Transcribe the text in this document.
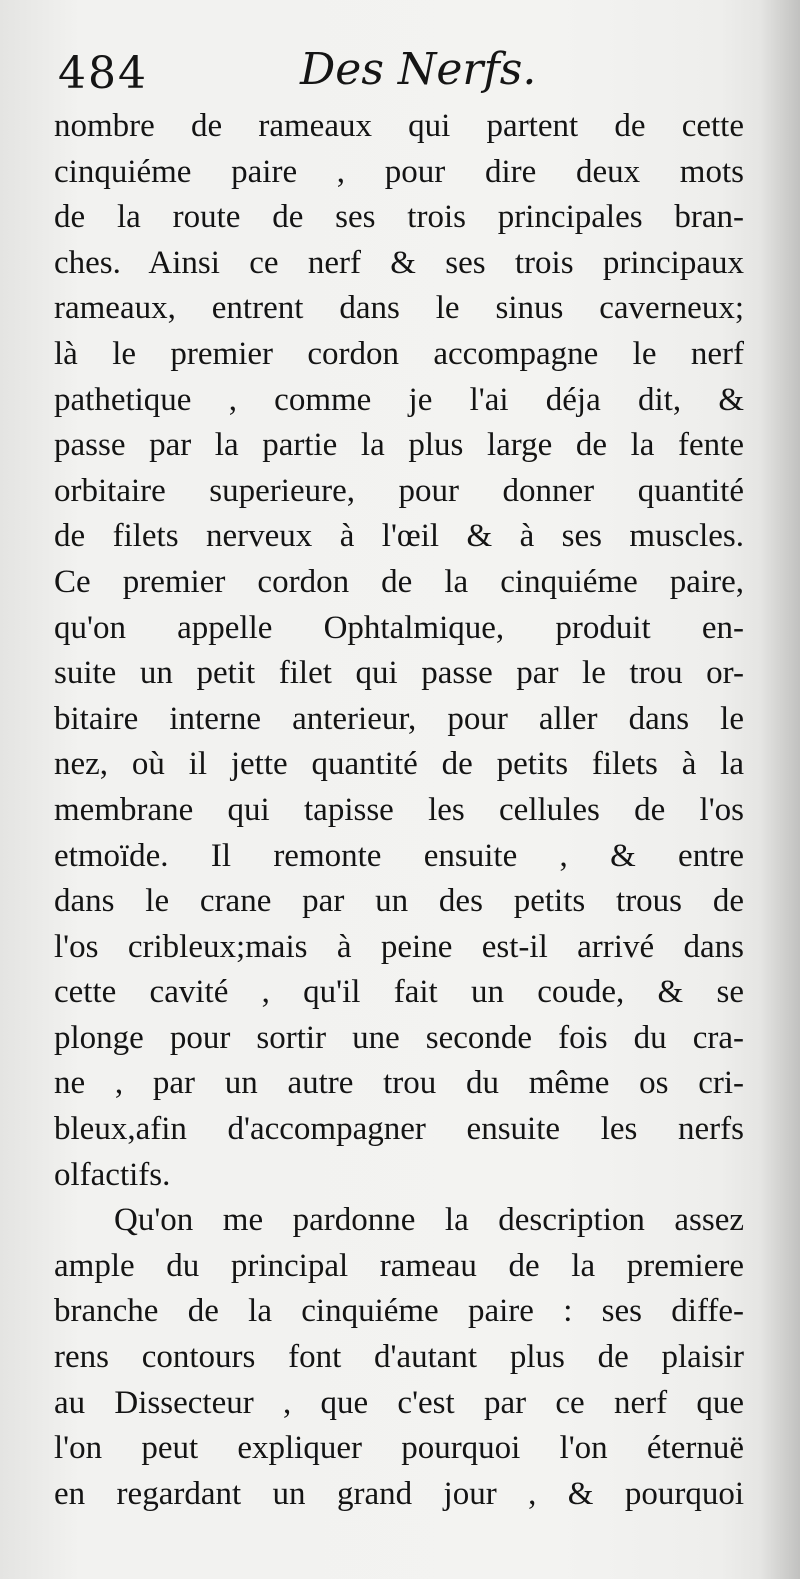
484	Des Nerfs.
nombre de rameaux qui partent de cette
cinquiéme paire , pour dire deux mots
de la route de ses trois principales bran-
ches. Ainsi ce nerf & ses trois principaux
rameaux, entrent dans le sinus caverneux;
là le premier cordon accompagne le nerf
pathetique , comme je l'ai déja dit, &
passe par la partie la plus large de la fente
orbitaire superieure, pour donner quantité
de filets nerveux à l'œil & à ses muscles.
Ce premier cordon de la cinquiéme paire,
qu'on appelle Ophtalmique, produit en-
suite un petit filet qui passe par le trou or-
bitaire interne anterieur, pour aller dans le
nez, où il jette quantité de petits filets à la
membrane qui tapisse les cellules de l'os
etmoïde. Il remonte ensuite , & entre
dans le crane par un des petits trous de
l'os cribleux;mais à peine est-il arrivé dans
cette cavité , qu'il fait un coude, & se
plonge pour sortir une seconde fois du cra-
ne , par un autre trou du même os cri-
bleux,afin d'accompagner ensuite les nerfs
olfactifs.
Qu'on me pardonne la description assez
ample du principal rameau de la premiere
branche de la cinquiéme paire : ses diffe-
rens contours font d'autant plus de plaisir
au Dissecteur , que c'est par ce nerf que
l'on peut expliquer pourquoi l'on éternuë
en regardant un grand jour , & pourquoi
